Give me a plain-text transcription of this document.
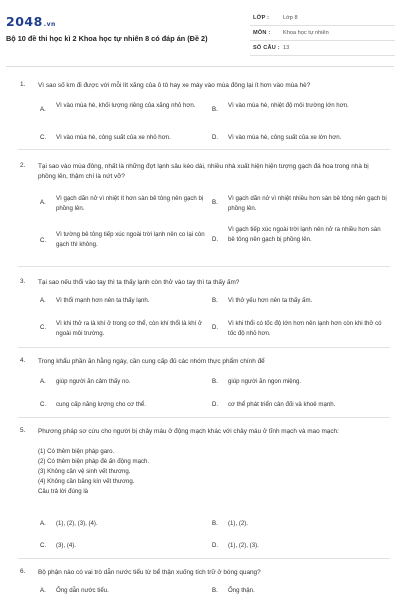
2048.vn
Bộ 10 đề thi học kì 2 Khoa học tự nhiên 8 có đáp án (Đề 2)
LỚP : Lớp 8
MÔN : Khoa học tự nhiên
SỐ CÂU : 13
1. Vì sao số km đi được với mỗi lít xăng của ô tô hay xe máy vào mùa đông lại ít hơn vào mùa hè?
A.
Vì vào mùa hè, khối lượng riêng của xăng nhỏ hơn.
B.
Vì vào mùa hè, nhiệt độ môi trường lớn hơn.
C. Vì vào mùa hè, công suất của xe nhỏ hơn.	D. Vì vào mùa hè, công suất của xe lớn hơn.
2. Tại sao vào mùa đông, nhất là những đợt lạnh sâu kéo dài, nhiều nhà xuất hiện hiện tượng gạch đá hoa trong nhà bị phồng lên, thậm chí là nứt vỡ?
A.
Vì gạch dãn nở vì nhiệt ít hơn sàn bê tông nên gạch bị phồng lên.
B.
Vì gạch dãn nở vì nhiệt nhiều hơn sàn bê tông nên gạch bị phồng lên.
C.
Vì tường bê tông tiếp xúc ngoài trời lạnh nên co lại còn gạch thì không.
D.
Vì gạch tiếp xúc ngoài trời lạnh nên nở ra nhiều hơn sàn bê tông nên gạch bị phồng lên.
3. Tại sao nếu thổi vào tay thì ta thấy lạnh còn thở vào tay thì ta thấy ấm?
A. Vì thổi mạnh hơn nên ta thấy lạnh.	B. Vì thở yếu hơn nên ta thấy ấm.
C.
Vì khi thở ra là khí ở trong cơ thể, còn khí thổi là khí ở ngoài môi trường.
D.
Vì khi thổi có tốc độ lớn hơn nên lạnh hơn còn khi thở có tốc độ nhỏ hơn.
4. Trong khẩu phần ăn hằng ngày, cần cung cấp đủ các nhóm thực phẩm chính để
A. giúp người ăn cảm thấy no.	B. giúp người ăn ngon miệng.
C. cung cấp năng lượng cho cơ thể.	D. cơ thể phát triển cân đối và khoẻ mạnh.
5. Phương pháp sơ cứu cho người bị chảy máu ở động mạch khác với chảy máu ở tĩnh mạch và mao mạch:
(1) Có thêm biện pháp garo.
(2) Có thêm biện pháp đè ấn động mạch.
(3) Không cần vệ sinh vết thương.
(4) Không cần băng kín vết thương.
Câu trả lời đúng là
A. (1), (2), (3), (4).	B. (1), (2).
C. (3), (4).	D. (1), (2), (3).
6. Bộ phận nào có vai trò dẫn nước tiểu từ bể thận xuống tích trữ ở bóng quang?
A. Ống dẫn nước tiểu.	B. Ống thận.
